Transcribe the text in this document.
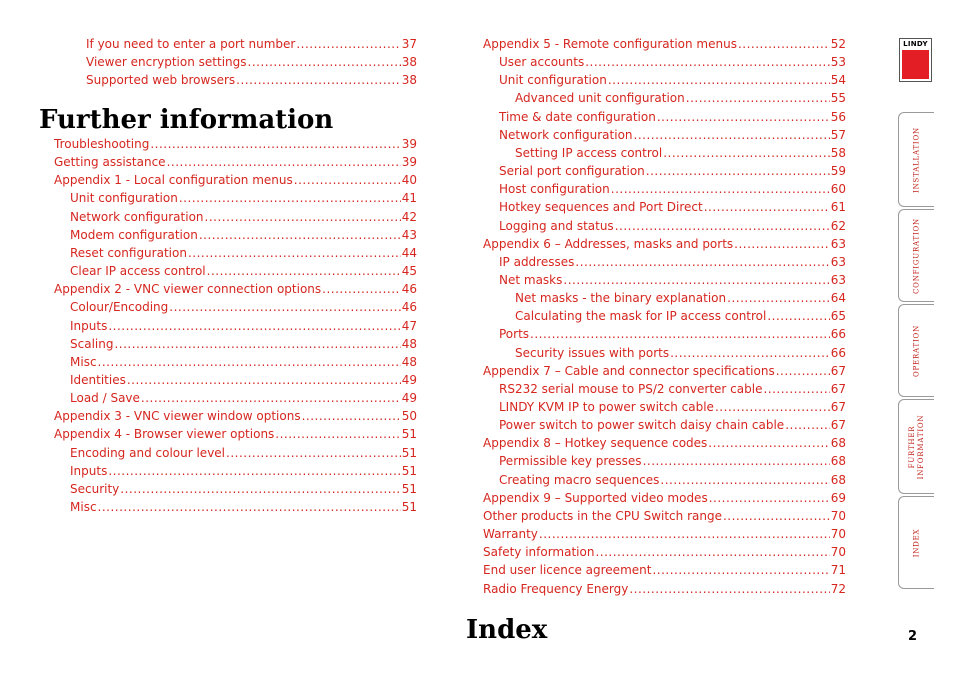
If you need to enter a port number .....	37
Viewer encryption settings .....	38
Supported web browsers .....	38
Further information
Troubleshooting .....	39
Getting assistance .....	39
Appendix 1 - Local configuration menus .....	40
Unit configuration .....	41
Network configuration .....	42
Modem configuration .....	43
Reset configuration .....	44
Clear IP access control .....	45
Appendix 2 - VNC viewer connection options .....	46
Colour/Encoding .....	46
Inputs .....	47
Scaling .....	48
Misc .....	48
Identities .....	49
Load / Save .....	49
Appendix 3 - VNC viewer window options .....	50
Appendix 4 - Browser viewer options .....	51
Encoding and colour level .....	51
Inputs .....	51
Security .....	51
Misc .....	51
Appendix 5 - Remote configuration menus .....	52
User accounts .....	53
Unit configuration .....	54
Advanced unit configuration .....	55
Time & date configuration .....	56
Network configuration .....	57
Setting IP access control .....	58
Serial port configuration .....	59
Host configuration .....	60
Hotkey sequences and Port Direct .....	61
Logging and status .....	62
Appendix 6 – Addresses, masks and ports .....	63
IP addresses .....	63
Net masks .....	63
Net masks - the binary explanation .....	64
Calculating the mask for IP access control .....	65
Ports .....	66
Security issues with ports .....	66
Appendix 7 – Cable and connector specifications .....	67
RS232 serial mouse to PS/2 converter cable .....	67
LINDY KVM IP to power switch cable .....	67
Power switch to power switch daisy chain cable .....	67
Appendix 8 – Hotkey sequence codes .....	68
Permissible key presses .....	68
Creating macro sequences .....	68
Appendix 9 – Supported video modes .....	69
Other products in the CPU Switch range .....	70
Warranty .....	70
Safety information .....	70
End user licence agreement .....	71
Radio Frequency Energy .....	72
Index
LINDY
INSTALLATION
CONFIGURATION
OPERATION
FURTHER
INFORMATION
INDEX
2
